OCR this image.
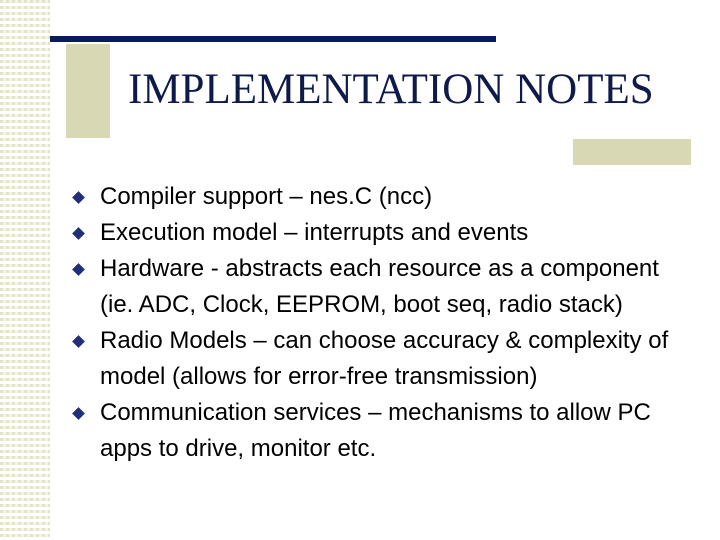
IMPLEMENTATION NOTES
Compiler support – nes.C (ncc)
Execution model – interrupts and events
Hardware - abstracts each resource as a component (ie. ADC, Clock, EEPROM, boot seq, radio stack)
Radio Models – can choose accuracy & complexity of model (allows for error-free transmission)
Communication services – mechanisms to allow PC apps to drive, monitor etc.
